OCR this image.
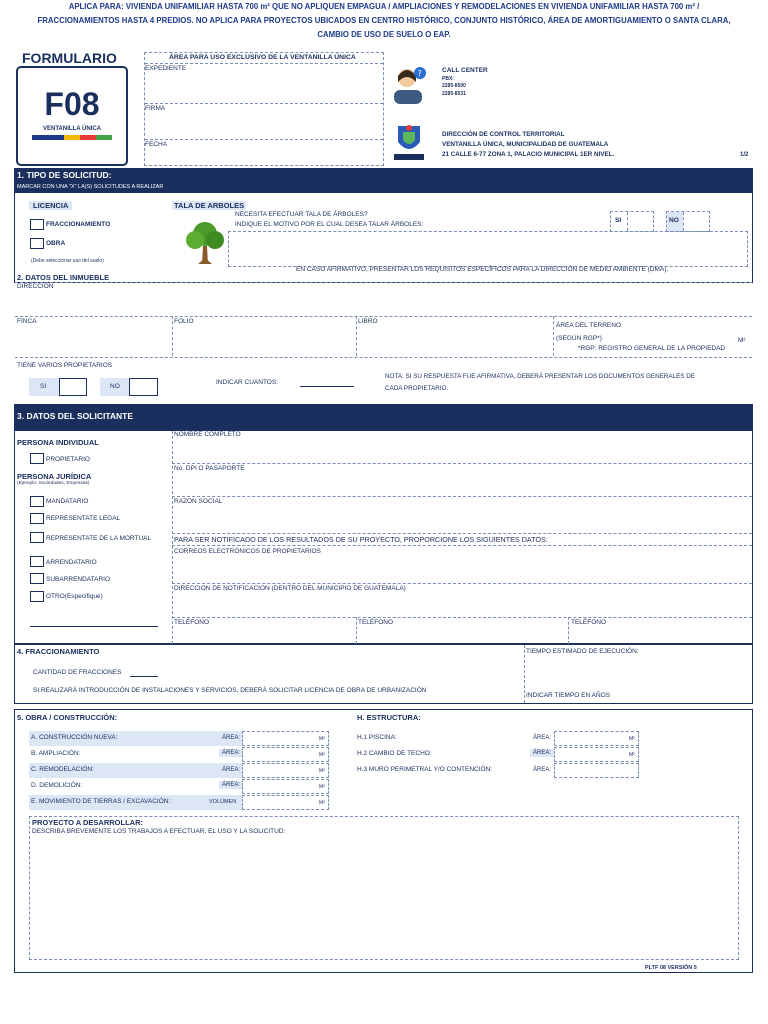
APLICA PARA: VIVIENDA UNIFAMILIAR HASTA 700 m² QUE NO APLIQUEN EMPAGUA / AMPLIACIONES Y REMODELACIONES EN VIVIENDA UNIFAMILIAR HASTA 700 m² /
FRACCIONAMIENTOS HASTA 4 PREDIOS. NO APLICA PARA PROYECTOS UBICADOS EN CENTRO HISTÓRICO, CONJUNTO HISTÓRICO, ÁREA DE AMORTIGUAMIENTO O SANTA CLARA,
CAMBIO DE USO DE SUELO O EAP.
FORMULARIO
F08
VENTANILLA ÚNICA
ÁREA PARA USO EXCLUSIVO DE LA VENTANILLA ÚNICA
EXPEDIENTE
FIRMA
FECHA
?	CALL CENTER
PBX:
2285-8500
2285-8531
DIRECCIÓN DE CONTROL TERRITORIAL
VENTANILLA ÚNICA, MUNICIPALIDAD DE GUATEMALA
21 CALLE 6-77 ZONA 1, PALACIO MUNICIPAL 1ER NIVEL.	1/2
1. TIPO DE SOLICITUD:
MARCAR CON UNA "X" LA(S) SOLICITUDES A REALIZAR
LICENCIA
FRACCIONAMIENTO
OBRA
(Debe seleccionar uso del suelo)
TALA DE ARBOLES
NECESITA EFECTUAR TALA DE ÁRBOLES?
INDIQUE EL MOTIVO POR EL CUAL DESEA TALAR ÁRBOLES:
SI	NO
EN CASO AFIRMATIVO, PRESENTAR LOS REQUISITOS ESPECÍFICOS PARA LA DIRECCIÓN DE MEDIO AMBIENTE (DMA).
2. DATOS DEL INMUEBLE
DIRECCIÓN
FINCA	FOLIO	LIBRO
ÁREA DEL TERRENO
(SEGÚN RGP*)	M²
*RGP: REGISTRO GENERAL DE LA PROPIEDAD
TIENE VARIOS PROPIETARIOS
SI	NO
INDICAR CUANTOS:
NOTA: SI SU RESPUESTA FUE AFIRMATIVA, DEBERÁ PRESENTAR LOS DOCUMENTOS GENERALES DE
CADA PROPIETARIO.
3. DATOS DEL SOLICITANTE
PERSONA INDIVIDUAL
PROPIETARIO
PERSONA JURÍDICA
(Ejemplo: Sociedades, Empresas)
MANDATARIO
REPRESENTATE LEGAL
REPRESENTATE DE LA MORTUAL
ARRENDATARIO
SUBARRENDATARIO
OTRO(Especifique)
NOMBRE COMPLETO
No. DPI O PASAPORTE
RAZON SOCIAL
PARA SER NOTIFICADO DE LOS RESULTADOS DE SU PROYECTO, PROPORCIONE LOS SIGUIENTES DATOS:
CORREOS ELECTRÓNICOS DE PROPIETARIOS
DIRECCION DE NOTIFICACION (DENTRO DEL MUNICIPIO DE GUATEMALA)
TELÉFONO	TELÉFONO	TELÉFONO
4. FRACCIONAMIENTO
CANTIDAD DE FRACCIONES
SI REALIZARÁ INTRODUCCIÓN DE INSTALACIONES Y SERVICIOS, DEBERÁ SOLICITAR LICENCIA DE OBRA DE URBANIZACIÓN
TIEMPO ESTIMADO DE EJECUCIÓN:
INDICAR TIEMPO EN AÑOS
5. OBRA / CONSTRUCCIÓN:
A. CONSTRUCCIÓN NUEVA:	ÁREA:	M²
B. AMPLIACIÓN:	ÁREA:	M²
C. REMODELACIÓN:	ÁREA:	M²
D. DEMOLICIÓN:	ÁREA:	M²
E. MOVIMIENTO DE TIERRAS / EXCAVACIÓN:	VOLÚMEN	M³
H. ESTRUCTURA:
H.1 PISCINA:	ÁREA:	M²
H.2 CAMBIO DE TECHO:	ÁREA:	M²
H.3 MURO PERIMETRAL Y/O CONTENCIÓN:	ÁREA:
PROYECTO A DESARROLLAR:
DESCRIBA BREVEMENTE LOS TRABAJOS A EFECTUAR, EL USO Y LA SOLICITUD:
PLTF 08 VERSIÓN 5
